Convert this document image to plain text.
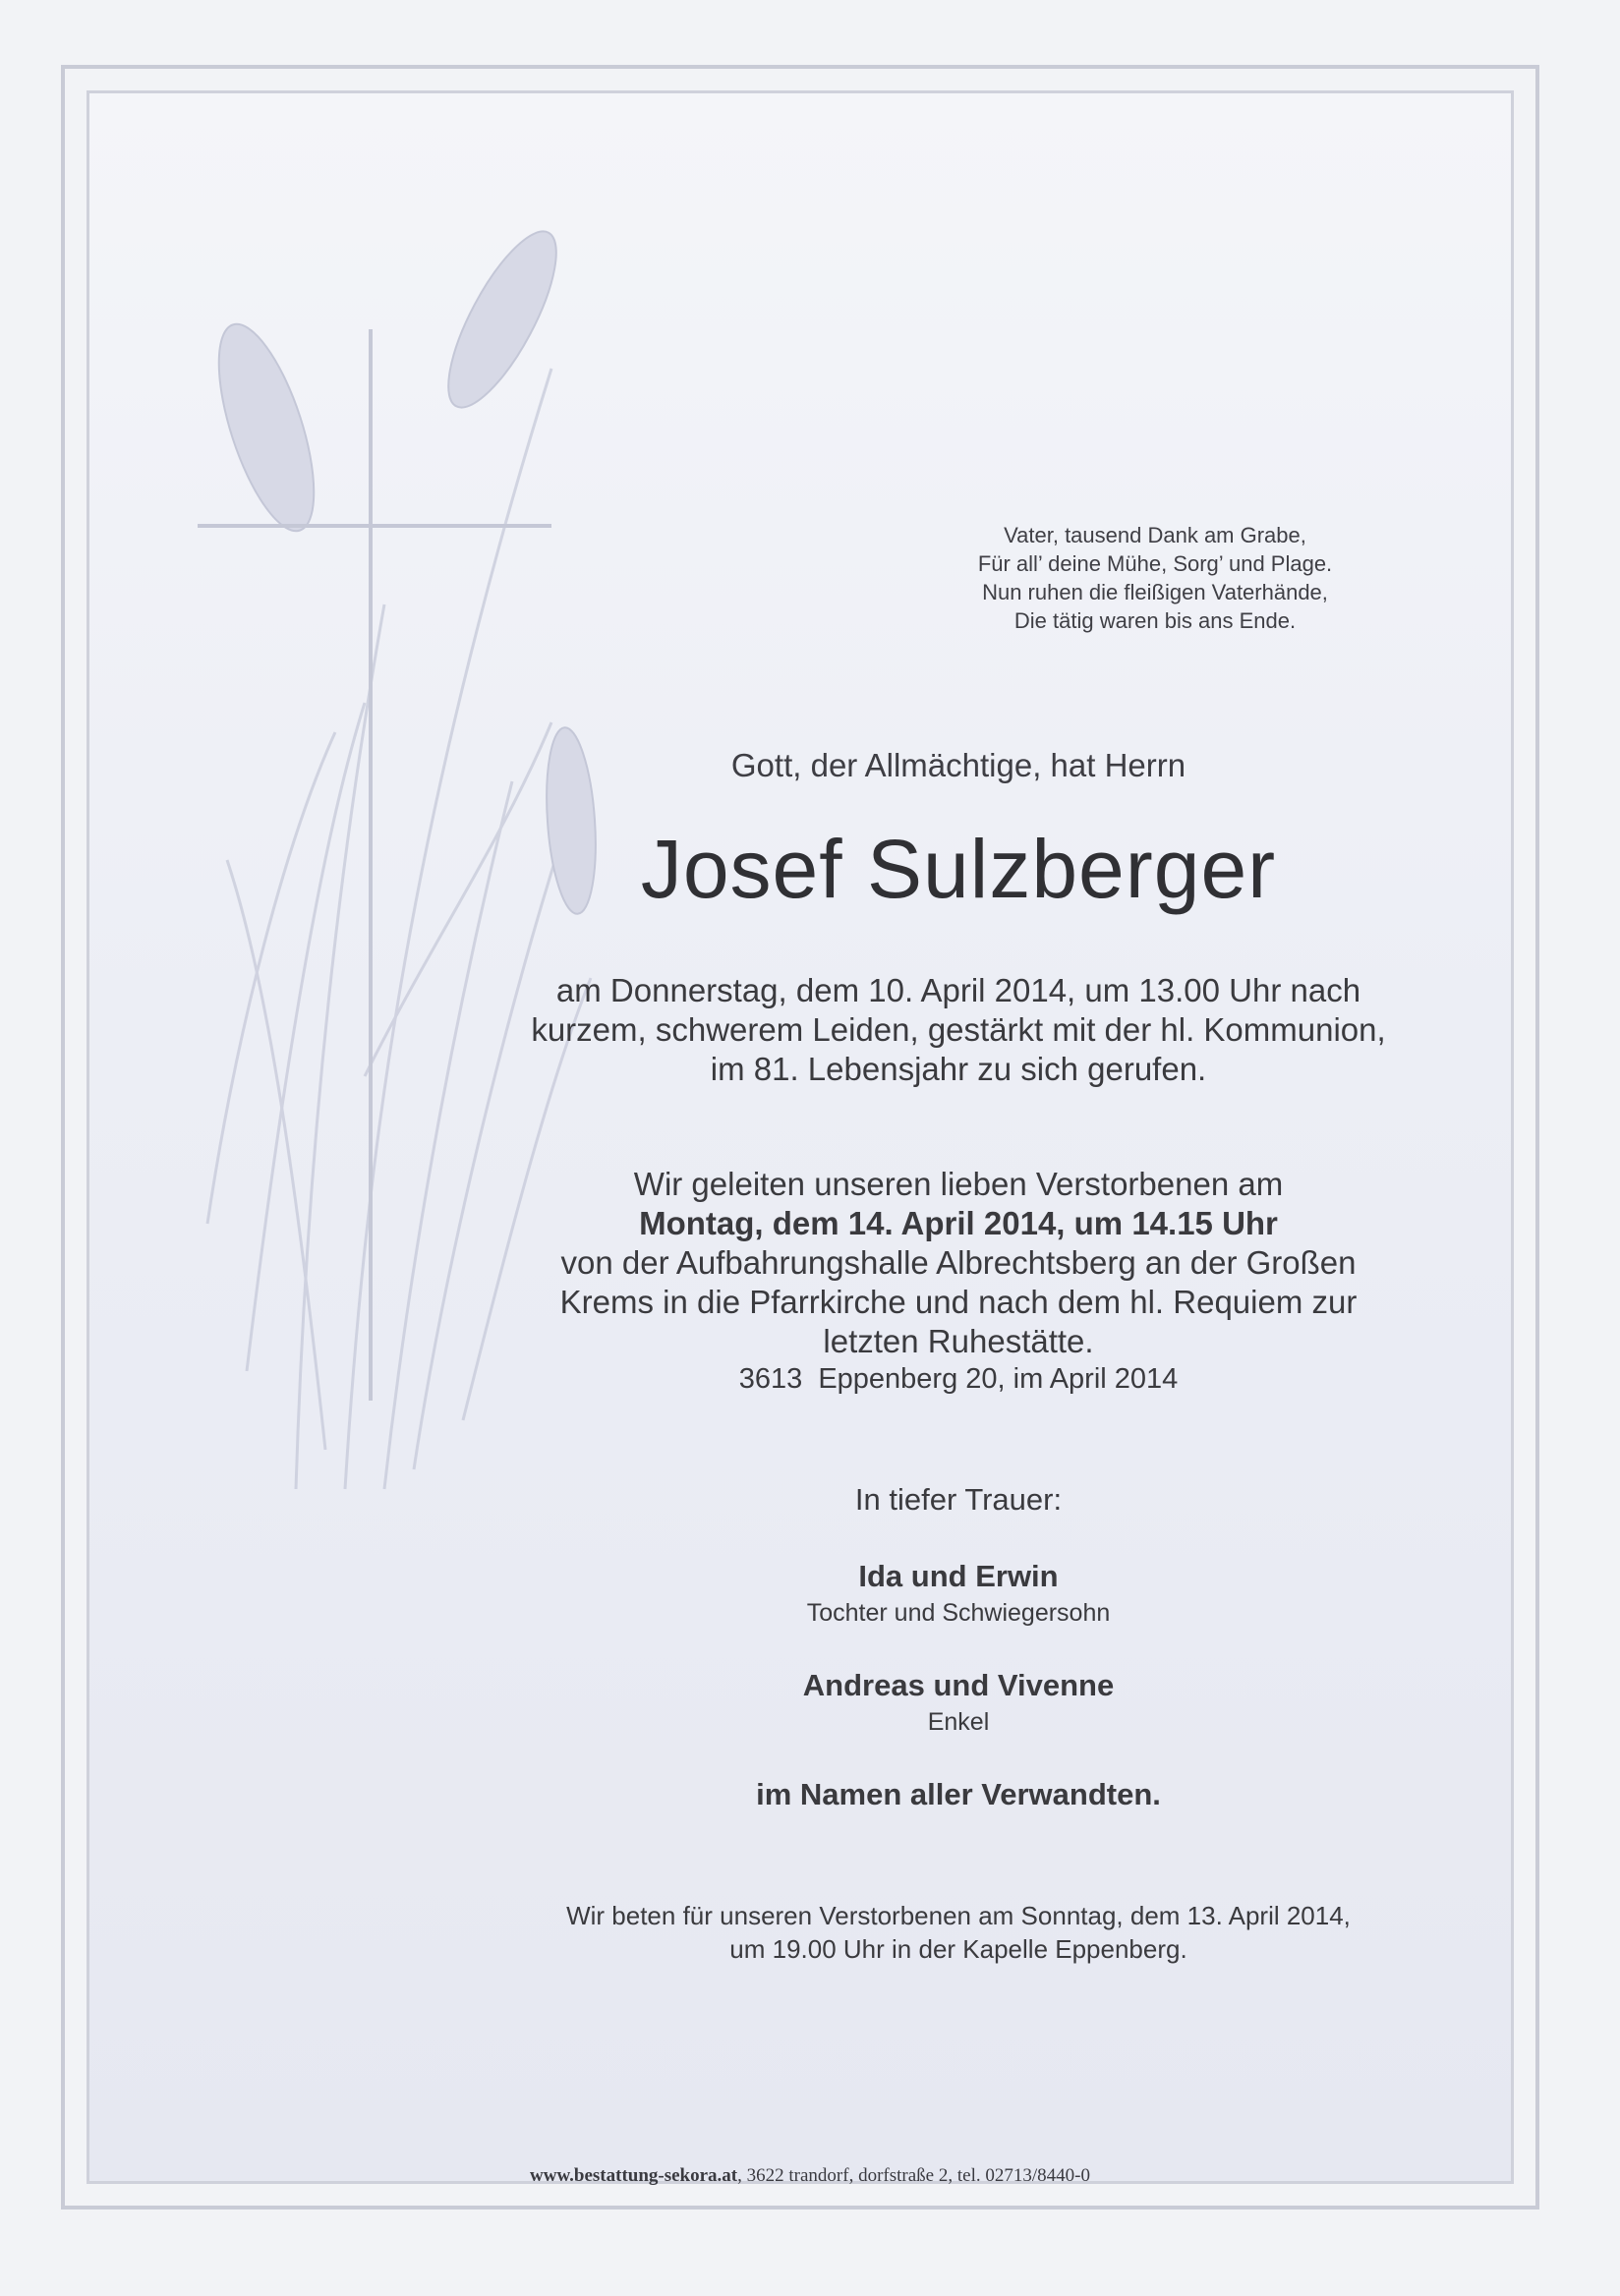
Vater, tausend Dank am Grabe,
Für all’ deine Mühe, Sorg’ und Plage.
Nun ruhen die fleißigen Vaterhände,
Die tätig waren bis ans Ende.
Gott, der Allmächtige, hat Herrn
Josef Sulzberger
am Donnerstag, dem 10. April 2014, um 13.00 Uhr nach
kurzem, schwerem Leiden, gestärkt mit der hl. Kommunion,
im 81. Lebensjahr zu sich gerufen.
Wir geleiten unseren lieben Verstorbenen am
Montag, dem 14. April 2014, um 14.15 Uhr
von der Aufbahrungshalle Albrechtsberg an der Großen
Krems in die Pfarrkirche und nach dem hl. Requiem zur
letzten Ruhestätte.
3613  Eppenberg 20, im April 2014
In tiefer Trauer:
Ida und Erwin
Tochter und Schwiegersohn
Andreas und Vivenne
Enkel
im Namen aller Verwandten.
Wir beten für unseren Verstorbenen am Sonntag, dem 13. April 2014,
um 19.00 Uhr in der Kapelle Eppenberg.
www.bestattung-sekora.at, 3622 trandorf, dorfstraße 2, tel. 02713/8440-0
